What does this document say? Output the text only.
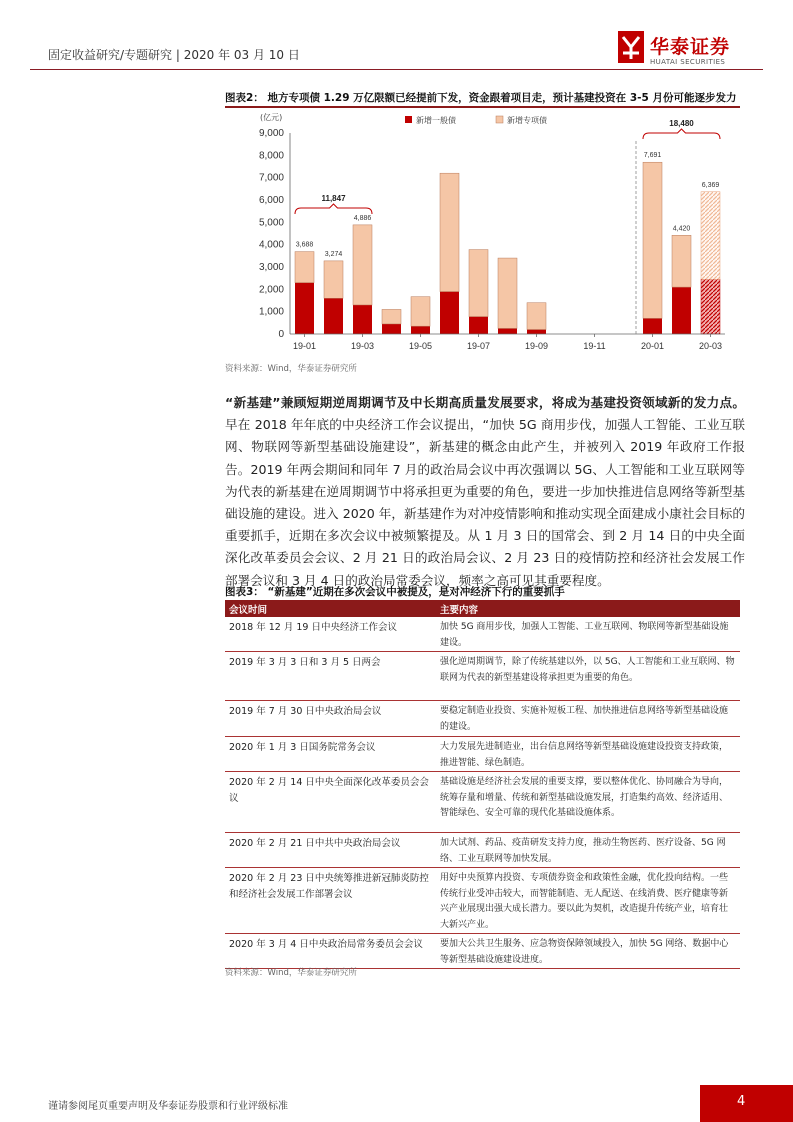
固定收益研究/专题研究 | 2020 年 03 月 10 日	华泰证券
HUATAI SECURITIES
图表2： 地方专项债 1.29 万亿限额已经提前下发，资金跟着项目走，预计基建投资在 3-5 月份可能逐步发力
3,688
3,274
4,886
7,691
4,420
6,369
11,847
18,480
0
1,000
2,000
3,000
4,000
5,000
6,000
7,000
8,000
9,000
(亿元)
19-01	19-03	19-05	19-07	19-09	19-11	20-01	20-03
新增一般债	新增专项债
资料来源：Wind，华泰证券研究所
“新基建”兼顾短期逆周期调节及中长期高质量发展要求，将成为基建投资领域新的发力点。早在 2018 年年底的中央经济工作会议提出，“加快 5G 商用步伐，加强人工智能、工业互联网、物联网等新型基础设施建设”，新基建的概念由此产生，并被列入 2019 年政府工作报告。2019 年两会期间和同年 7 月的政治局会议中再次强调以 5G、人工智能和工业互联网等为代表的新基建在逆周期调节中将承担更为重要的角色，要进一步加快推进信息网络等新型基础设施的建设。进入 2020 年，新基建作为对冲疫情影响和推动实现全面建成小康社会目标的重要抓手，近期在多次会议中被频繁提及。从 1 月 3 日的国常会、到 2 月 14 日的中央全面深化改革委员会会议、2 月 21 日的政治局会议、2 月 23 日的疫情防控和经济社会发展工作部署会议和 3 月 4 日的政治局常委会议，频率之高可见其重要程度。
图表3： “新基建”近期在多次会议中被提及，是对冲经济下行的重要抓手
会议时间	主要内容
2018 年 12 月 19 日中央经济工作会议	加快 5G 商用步伐，加强人工智能、工业互联网、物联网等新型基础设施建设。
2019 年 3 月 3 日和 3 月 5 日两会	强化逆周期调节，除了传统基建以外，以 5G、人工智能和工业互联网、物联网为代表的新型基建设将承担更为重要的角色。
2019 年 7 月 30 日中央政治局会议	要稳定制造业投资、实施补短板工程、加快推进信息网络等新型基础设施的建设。
2020 年 1 月 3 日国务院常务会议	大力发展先进制造业，出台信息网络等新型基础设施建设投资支持政策，推进智能、绿色制造。
2020 年 2 月 14 日中央全面深化改革委员会会议	基础设施是经济社会发展的重要支撑，要以整体优化、协同融合为导向，统筹存量和增量、传统和新型基础设施发展，打造集约高效、经济适用、智能绿色、安全可靠的现代化基础设施体系。
2020 年 2 月 21 日中共中央政治局会议	加大试剂、药品、疫苗研发支持力度，推动生物医药、医疗设备、5G 网络、工业互联网等加快发展。
2020 年 2 月 23 日中央统筹推进新冠肺炎防控和经济社会发展工作部署会议	用好中央预算内投资、专项债券资金和政策性金融，优化投向结构。一些传统行业受冲击较大，而智能制造、无人配送、在线消费、医疗健康等新兴产业展现出强大成长潜力。要以此为契机，改造提升传统产业，培育壮大新兴产业。
2020 年 3 月 4 日中央政治局常务委员会会议	要加大公共卫生服务、应急物资保障领域投入，加快 5G 网络、数据中心等新型基础设施建设进度。
资料来源：Wind，华泰证券研究所
谨请参阅尾页重要声明及华泰证券股票和行业评级标准	4
